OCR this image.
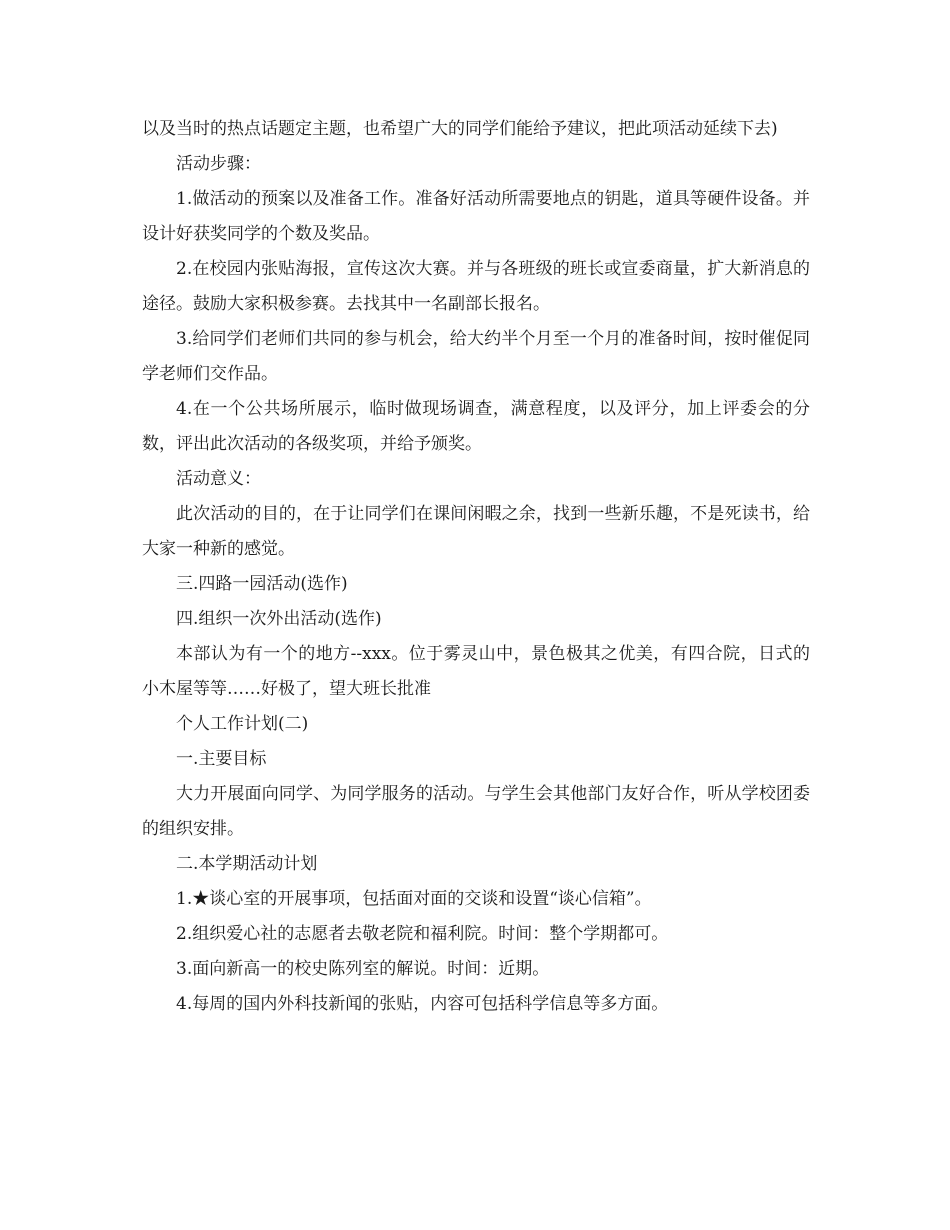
以及当时的热点话题定主题，也希望广大的同学们能给予建议，把此项活动延续下去)

活动步骤：

1.做活动的预案以及准备工作。准备好活动所需要地点的钥匙，道具等硬件设备。并设计好获奖同学的个数及奖品。

2.在校园内张贴海报，宣传这次大赛。并与各班级的班长或宣委商量，扩大新消息的途径。鼓励大家积极参赛。去找其中一名副部长报名。

3.给同学们老师们共同的参与机会，给大约半个月至一个月的准备时间，按时催促同学老师们交作品。

4.在一个公共场所展示，临时做现场调查，满意程度，以及评分，加上评委会的分数，评出此次活动的各级奖项，并给予颁奖。

活动意义：

此次活动的目的，在于让同学们在课间闲暇之余，找到一些新乐趣，不是死读书，给大家一种新的感觉。

三.四路一园活动(选作)

四.组织一次外出活动(选作)

本部认为有一个的地方--xxx。位于雾灵山中，景色极其之优美，有四合院，日式的小木屋等等……好极了，望大班长批准

个人工作计划(二)

一.主要目标

大力开展面向同学、为同学服务的活动。与学生会其他部门友好合作，听从学校团委的组织安排。

二.本学期活动计划

1.★谈心室的开展事项，包括面对面的交谈和设置“谈心信箱”。

2.组织爱心社的志愿者去敬老院和福利院。时间：整个学期都可。

3.面向新高一的校史陈列室的解说。时间：近期。

4.每周的国内外科技新闻的张贴，内容可包括科学信息等多方面。
